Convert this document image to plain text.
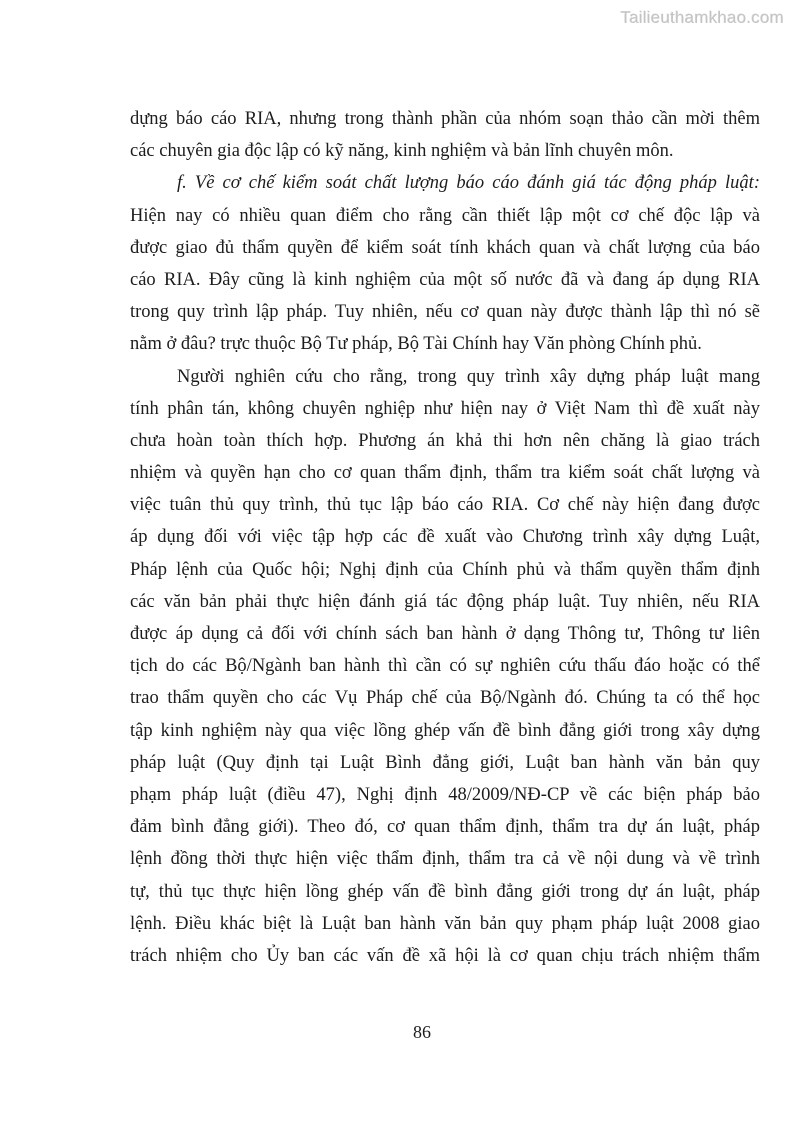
Tailieuthamkhao.com
dựng báo cáo RIA, nhưng trong thành phần của nhóm soạn thảo cần mời thêm
các chuyên gia độc lập có kỹ năng, kinh nghiệm và bản lĩnh chuyên môn.
f. Về cơ chế kiểm soát chất lượng báo cáo đánh giá tác động pháp luật:
Hiện nay có nhiều quan điểm cho rằng cần thiết lập một cơ chế độc lập và
được giao đủ thẩm quyền để kiểm soát tính khách quan và chất lượng của báo
cáo RIA. Đây cũng là kinh nghiệm của một số nước đã và đang áp dụng RIA
trong quy trình lập pháp. Tuy nhiên, nếu cơ quan này được thành lập thì nó sẽ
nằm ở đâu? trực thuộc Bộ Tư pháp, Bộ Tài Chính hay Văn phòng Chính phủ.
Người nghiên cứu cho rằng, trong quy trình xây dựng pháp luật mang
tính phân tán, không chuyên nghiệp như hiện nay ở Việt Nam thì đề xuất này
chưa hoàn toàn thích hợp. Phương án khả thi hơn nên chăng là giao trách
nhiệm và quyền hạn cho cơ quan thẩm định, thẩm tra kiểm soát chất lượng và
việc tuân thủ quy trình, thủ tục lập báo cáo RIA. Cơ chế này hiện đang được
áp dụng đối với việc tập hợp các đề xuất vào Chương trình xây dựng Luật,
Pháp lệnh của Quốc hội; Nghị định của Chính phủ và thẩm quyền thẩm định
các văn bản phải thực hiện đánh giá tác động pháp luật. Tuy nhiên, nếu RIA
được áp dụng cả đối với chính sách ban hành ở dạng Thông tư, Thông tư liên
tịch do các Bộ/Ngành ban hành thì cần có sự nghiên cứu thấu đáo hoặc có thể
trao thẩm quyền cho các Vụ Pháp chế của Bộ/Ngành đó. Chúng ta có thể học
tập kinh nghiệm này qua việc lồng ghép vấn đề bình đẳng giới trong xây dựng
pháp luật (Quy định tại Luật Bình đẳng giới, Luật ban hành văn bản quy
phạm pháp luật (điều 47), Nghị định 48/2009/NĐ-CP về các biện pháp bảo
đảm bình đẳng giới). Theo đó, cơ quan thẩm định, thẩm tra dự án luật, pháp
lệnh đồng thời thực hiện việc thẩm định, thẩm tra cả về nội dung và về trình
tự, thủ tục thực hiện lồng ghép vấn đề bình đẳng giới trong dự án luật, pháp
lệnh. Điều khác biệt là Luật ban hành văn bản quy phạm pháp luật 2008 giao
trách nhiệm cho Ủy ban các vấn đề xã hội là cơ quan chịu trách nhiệm thẩm
86
